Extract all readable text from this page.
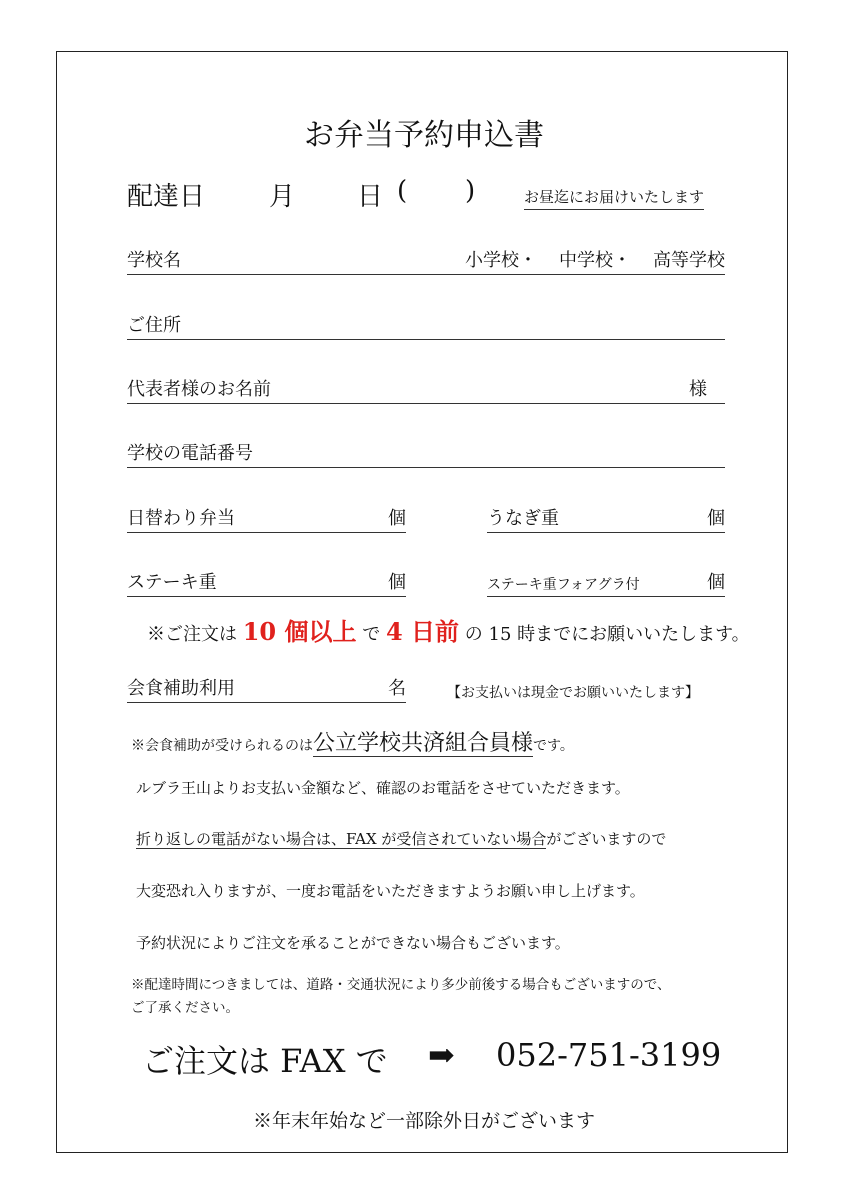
お弁当予約申込書
配達日 月 日 ( )	お昼迄にお届けいたします
学校名	小学校 ・ 中学校 ・ 高等学校
ご住所
代表者様のお名前	様
学校の電話番号
日替わり弁当	個	うなぎ重	個
ステーキ重	個	ステーキ重フォアグラ付	個
※ご注文は 10 個以上 で 4 日前 の 15 時までにお願いいたします。
会食補助利用	名	【お支払いは現金でお願いいたします】
※会食補助が受けられるのは公立学校共済組合員様です。
ルブラ王山よりお支払い金額など、確認のお電話をさせていただきます。
折り返しの電話がない場合は、FAX が受信されていない場合がございますので
大変恐れ入りますが、一度お電話をいただきますようお願い申し上げます。
予約状況によりご注文を承ることができない場合もございます。
※配達時間につきましては、道路・交通状況により多少前後する場合もございますので、
ご了承ください。
ご注文は FAX で ➡ 052-751-3199
※年末年始など一部除外日がございます
